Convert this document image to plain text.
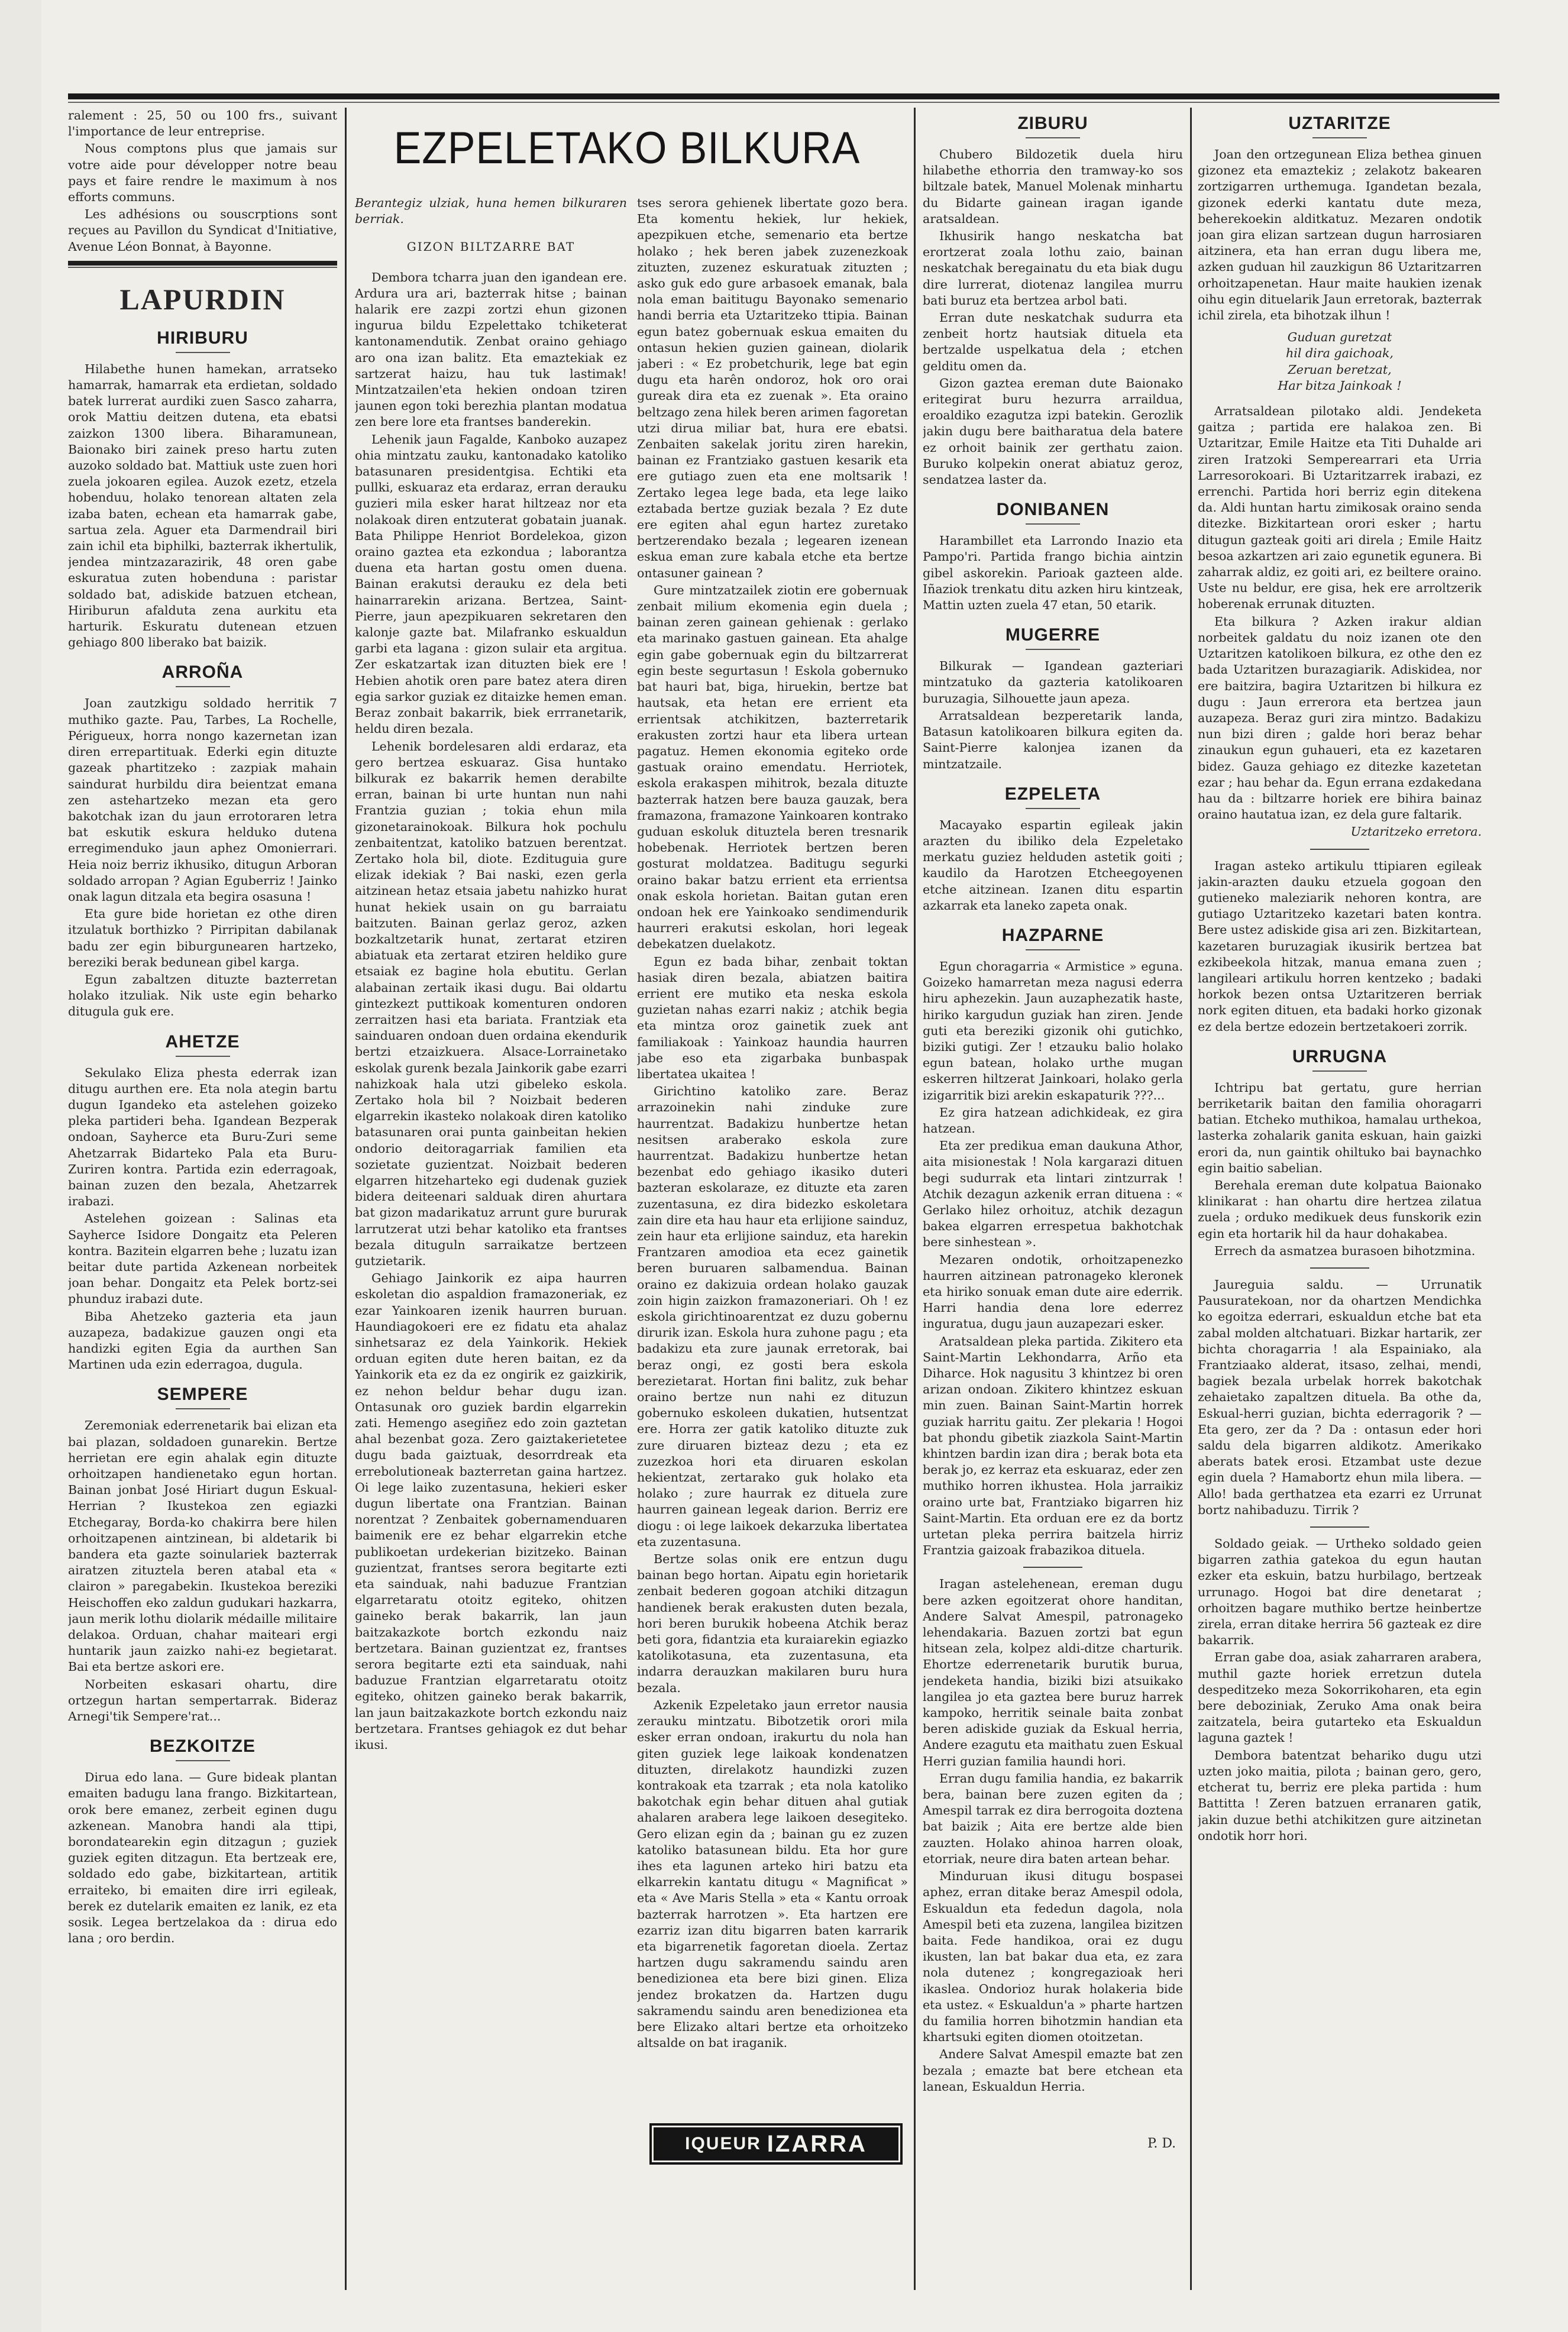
ralement : 25, 50 ou 100 frs., suivant l'importance de leur entreprise.

Nous comptons plus que jamais sur votre aide pour développer notre beau pays et faire rendre le maximum à nos efforts communs.

Les adhésions ou souscrptions sont reçues au Pavillon du Syndicat d'Initiative, Avenue Léon Bonnat, à Bayonne.

LAPURDIN
HIRIBURU

Hilabethe hunen hamekan, arratseko hamarrak, hamarrak eta erdietan, soldado batek lurrerat aurdiki zuen Sasco zaharra, orok Mattiu deitzen dutena, eta ebatsi zaizkon 1300 libera. Biharamunean, Baionako biri zainek preso hartu zuten auzoko soldado bat. Mattiuk uste zuen hori zuela jokoaren egilea. Auzok ezetz, etzela hobenduu, holako tenorean altaten zela izaba baten, echean eta hamarrak gabe, sartua zela. Aguer eta Darmendrail biri zain ichil eta biphilki, bazterrak ikhertulik, jendea mintzazarazirik, 48 oren gabe eskuratua zuten hobenduna : paristar soldado bat, adiskide batzuen etchean, Hiriburun afalduta zena aurkitu eta harturik. Eskuratu dutenean etzuen gehiago 800 liberako bat baizik.

ARROÑA

Joan zautzkigu soldado herritik 7 muthiko gazte. Pau, Tarbes, La Rochelle, Périgueux, horra nongo kazernetan izan diren errepartituak. Ederki egin dituzte gazeak phartitzeko : zazpiak mahain saindurat hurbildu dira beientzat emana zen astehartzeko mezan eta gero bakotchak izan du jaun errotoraren letra bat eskutik eskura helduko dutena erregimenduko jaun aphez Omonierrari. Heia noiz berriz ikhusiko, ditugun Arboran soldado arropan ? Agian Eguberriz ! Jainko onak lagun ditzala eta begira osasuna !

Eta gure bide horietan ez othe diren itzulatuk borthizko ? Pirripitan dabilanak badu zer egin biburgunearen hartzeko, bereziki berak bedunean gibel karga.

Egun zabaltzen dituzte bazterretan holako itzuliak. Nik uste egin beharko ditugula guk ere.

AHETZE

Sekulako Eliza phesta ederrak izan ditugu aurthen ere. Eta nola ategin bartu dugun Igandeko eta astelehen goizeko pleka partideri beha. Igandean Bezperak ondoan, Sayherce eta Buru-Zuri seme Ahetzarrak Bidarteko Pala eta Buru-Zuriren kontra. Partida ezin ederragoak, bainan zuzen den bezala, Ahetzarrek irabazi.

Astelehen goizean : Salinas eta Sayherce Isidore Dongaitz eta Peleren kontra. Bazitein elgarren behe ; luzatu izan beitar dute partida Azkenean norbeitek joan behar. Dongaitz eta Pelek bortz-sei phunduz irabazi dute.

Biba Ahetzeko gazteria eta jaun auzapeza, badakizue gauzen ongi eta handizki egiten Egia da aurthen San Martinen uda ezin ederragoa, dugula.

SEMPERE

Zeremoniak ederrenetarik bai elizan eta bai plazan, soldadoen gunarekin. Bertze herrietan ere egin ahalak egin dituzte orhoitzapen handienetako egun hortan. Bainan jonbat José Hiriart dugun Eskual-Herrian ? Ikustekoa zen egiazki Etchegaray, Borda-ko chakirra bere hilen orhoitzapenen aintzinean, bi aldetarik bi bandera eta gazte soinulariek bazterrak airatzen zituztela beren atabal eta « clairon » paregabekin. Ikustekoa bereziki Heischoffen eko zaldun gudukari hazkarra, jaun merik lothu diolarik médaille militaire delakoa. Orduan, chahar maiteari ergi huntarik jaun zaizko nahi-ez begietarat. Bai eta bertze askori ere.

Norbeiten eskasari ohartu, dire ortzegun hartan sempertarrak. Bideraz Arnegi'tik Sempere'rat...

BEZKOITZE

Dirua edo lana. — Gure bideak plantan emaiten badugu lana frango. Bizkitartean, orok bere emanez, zerbeit eginen dugu azkenean. Manobra handi ala ttipi, borondatearekin egin ditzagun ; guziek guziek egiten ditzagun. Eta bertzeak ere, soldado edo gabe, bizkitartean, artitik erraiteko, bi emaiten dire irri egileak, berek ez dutelarik emaiten ez lanik, ez eta sosik. Legea bertzelakoa da : dirua edo lana ; oro berdin.

EZPELETAKO BILKURA

Berantegiz ulziak, huna hemen bilkuraren berriak.

GIZON BILTZARRE BAT

Dembora tcharra juan den igandean ere. Ardura ura ari, bazterrak hitse ; bainan halarik ere zazpi zortzi ehun gizonen ingurua bildu Ezpelettako tchiketerat kantonamendutik. Zenbat oraino gehiago aro ona izan balitz. Eta emaztekiak ez sartzerat haizu, hau tuk lastimak! Mintzatzailen'eta hekien ondoan tziren jaunen egon toki berezhia plantan modatua zen bere lore eta frantses banderekin.

Lehenik jaun Fagalde, Kanboko auzapez ohia mintzatu zauku, kantonadako katoliko batasunaren presidentgisa. Echtiki eta pullki, eskuaraz eta erdaraz, erran derauku guzieri mila esker harat hiltzeaz nor eta nolakoak diren entzuterat gobatain juanak. Bata Philippe Henriot Bordelekoa, gizon oraino gaztea eta ezkondua ; laborantza duena eta hartan gostu omen duena. Bainan erakutsi derauku ez dela beti hainarrarekin arizana. Bertzea, Saint-Pierre, jaun apezpikuaren sekretaren den kalonje gazte bat. Milafranko eskualdun garbi eta lagana : gizon sulair eta argitua. Zer eskatzartak izan dituzten biek ere ! Hebien ahotik oren pare batez atera diren egia sarkor guziak ez ditaizke hemen eman. Beraz zonbait bakarrik, biek errranetarik, heldu diren bezala.

Lehenik bordelesaren aldi erdaraz, eta gero bertzea eskuaraz. Gisa huntako bilkurak ez bakarrik hemen derabilte erran, bainan bi urte huntan nun nahi Frantzia guzian ; tokia ehun mila gizonetarainokoak. Bilkura hok pochulu zenbaitentzat, katoliko batzuen berentzat. Zertako hola bil, diote. Ezdituguia gure elizak idekiak ? Bai naski, ezen gerla aitzinean hetaz etsaia jabetu nahizko hurat hunat hekiek usain on gu barraiatu baitzuten. Bainan gerlaz geroz, azken bozkaltzetarik hunat, zertarat etziren abiatuak eta zertarat etziren heldiko gure etsaiak ez bagine hola ebutitu. Gerlan alabainan zertaik ikasi dugu. Bai oldartu gintezkezt puttikoak komenturen ondoren zerraitzen hasi eta bariata. Frantziak eta sainduaren ondoan duen ordaina ekendurik bertzi etzaizkuera. Alsace-Lorrainetako eskolak gurenk bezala Jainkorik gabe ezarri nahizkoak hala utzi gibeleko eskola. Zertako hola bil ? Noizbait bederen elgarrekin ikasteko nolakoak diren katoliko batasunaren orai punta gainbeitan hekien ondorio deitoragarriak familien eta sozietate guzientzat. Noizbait bederen elgarren hitzeharteko egi dudenak guziek bidera deiteenari salduak diren ahurtara bat gizon madarikatuz arrunt gure bururak larrutzerat utzi behar katoliko eta frantses bezala dituguln sarraikatze bertzeen gutzietarik.

Gehiago Jainkorik ez aipa haurren eskoletan dio aspaldion framazoneriak, ez ezar Yainkoaren izenik haurren buruan. Haundiagokoeri ere ez fidatu eta ahalaz sinhetsaraz ez dela Yainkorik. Hekiek orduan egiten dute heren baitan, ez da Yainkorik eta ez da ez ongirik ez gaizkirik, ez nehon beldur behar dugu izan. Ontasunak oro guziek bardin elgarrekin zati. Hemengo asegiñez edo zoin gaztetan ahal bezenbat goza. Zero gaiztakerietetee dugu bada gaiztuak, desorrdreak eta errebolutioneak bazterretan gaina hartzez. Oi lege laiko zuzentasuna, hekieri esker dugun libertate ona Frantzian. Bainan norentzat ? Zenbaitek gobernamenduaren baimenik ere ez behar elgarrekin etche publikoetan urdekerian bizitzeko. Bainan guzientzat, frantses serora begitarte ezti eta sainduak, nahi baduzue Frantzian elgarretaratu otoitz egiteko, ohitzen gaineko berak bakarrik, lan jaun baitzakazkote bortch ezkondu naiz bertzetara. Bainan guzientzat ez, frantses serora begitarte ezti eta sainduak, nahi baduzue Frantzian elgarretaratu otoitz egiteko, ohitzen gaineko berak bakarrik, lan jaun baitzakazkote bortch ezkondu naiz bertzetara. Frantses gehiagok ez dut behar ikusi.

tses serora gehienek libertate gozo bera. Eta komentu hekiek, lur hekiek, apezpikuen etche, semenario eta bertze holako ; hek beren jabek zuzenezkoak zituzten, zuzenez eskuratuak zituzten ; asko guk edo gure arbasoek emanak, bala nola eman baititugu Bayonako semenario handi berria eta Uztaritzeko ttipia. Bainan egun batez gobernuak eskua emaiten du ontasun hekien guzien gainean, diolarik jaberi : « Ez probetchurik, lege bat egin dugu eta harên ondoroz, hok oro orai gureak dira eta ez zuenak ». Eta oraino beltzago zena hilek beren arimen fagoretan utzi dirua miliar bat, hura ere ebatsi. Zenbaiten sakelak joritu ziren harekin, bainan ez Frantziako gastuen kesarik eta ere gutiago zuen eta ene moltsarik ! Zertako legea lege bada, eta lege laiko eztabada bertze guziak bezala ? Ez dute ere egiten ahal egun hartez zuretako bertzerendako bezala ; legearen izenean eskua eman zure kabala etche eta bertze ontasuner gainean ?

Gure mintzatzailek ziotin ere gobernuak zenbait milium ekomenia egin duela ; bainan zeren gainean gehienak : gerlako eta marinako gastuen gainean. Eta ahalge egin gabe gobernuak egin du biltzarrerat egin beste segurtasun ! Eskola gobernuko bat hauri bat, biga, hiruekin, bertze bat hautsak, eta hetan ere errient eta errientsak atchikitzen, bazterretarik erakusten zortzi haur eta libera urtean pagatuz. Hemen ekonomia egiteko orde gastuak oraino emendatu. Herriotek, eskola erakaspen mihitrok, bezala dituzte bazterrak hatzen bere bauza gauzak, bera framazona, framazone Yainkoaren kontrako guduan eskoluk dituztela beren tresnarik hobebenak. Herriotek bertzen beren gosturat moldatzea. Baditugu segurki oraino bakar batzu errient eta errientsa onak eskola horietan. Baitan gutan eren ondoan hek ere Yainkoako sendimendurik haurreri erakutsi eskolan, hori legeak debekatzen duelakotz.

Egun ez bada bihar, zenbait toktan hasiak diren bezala, abiatzen baitira errient ere mutiko eta neska eskola guzietan nahas ezarri nakiz ; atchik begia eta mintza oroz gainetik zuek ant familiakoak : Yainkoaz haundia haurren jabe eso eta zigarbaka bunbaspak libertatea ukaitea !

Girichtino katoliko zare. Beraz arrazoinekin nahi zinduke zure haurrentzat. Badakizu hunbertze hetan nesitsen araberako eskola zure haurrentzat. Badakizu hunbertze hetan bezenbat edo gehiago ikasiko duteri bazteran eskolaraze, ez dituzte eta zaren zuzentasuna, ez dira bidezko eskoletara zain dire eta hau haur eta erlijione sainduz, zein haur eta erlijione sainduz, eta harekin Frantzaren amodioa eta ecez gainetik beren buruaren salbamendua. Bainan oraino ez dakizuia ordean holako gauzak zoin higin zaizkon framazoneriari. Oh ! ez eskola girichtinoarentzat ez duzu gobernu dirurik izan. Eskola hura zuhone pagu ; eta badakizu eta zure jaunak erretorak, bai beraz ongi, ez gosti bera eskola berezietarat. Hortan fini balitz, zuk behar oraino bertze nun nahi ez dituzun gobernuko eskoleen dukatien, hutsentzat ere. Horra zer gatik katoliko dituzte zuk zure diruaren bizteaz dezu ; eta ez zuzezkoa hori eta diruaren eskolan hekientzat, zertarako guk holako eta holako ; zure haurrak ez dituela zure haurren gainean legeak darion. Berriz ere diogu : oi lege laikoek dekarzuka libertatea eta zuzentasuna.

Bertze solas onik ere entzun dugu bainan bego hortan. Aipatu egin horietarik zenbait bederen gogoan atchiki ditzagun handienek berak erakusten duten bezala, hori beren burukik hobeena Atchik beraz beti gora, fidantzia eta kuraiarekin egiazko katolikotasuna, eta zuzentasuna, eta indarra derauzkan makilaren buru hura bezala.

Azkenik Ezpeletako jaun erretor nausia zerauku mintzatu. Bibotzetik orori mila esker erran ondoan, irakurtu du nola han giten guziek lege laikoak kondenatzen dituzten, direlakotz haundizki zuzen kontrakoak eta tzarrak ; eta nola katoliko bakotchak egin behar dituen ahal gutiak ahalaren arabera lege laikoen desegiteko. Gero elizan egin da ; bainan gu ez zuzen katoliko batasunean bildu. Eta hor gure ihes eta lagunen arteko hiri batzu eta elkarrekin kantatu ditugu « Magnificat » eta « Ave Maris Stella » eta « Kantu orroak bazterrak harrotzen ». Eta hartzen ere ezarriz izan ditu bigarren baten karrarik eta bigarrenetik fagoretan dioela. Zertaz hartzen dugu sakramendu saindu aren benedizionea eta bere bizi ginen. Eliza jendez brokatzen da. Hartzen dugu sakramendu saindu aren benedizionea eta bere Elizako altari bertze eta orhoitzeko altsalde on bat iraganik.

IQUEUR IZARRA
ZIBURU

Chubero Bildozetik duela hiru hilabethe ethorria den tramway-ko sos biltzale batek, Manuel Molenak minhartu du Bidarte gainean iragan igande aratsaldean.

Ikhusirik hango neskatcha bat erortzerat zoala lothu zaio, bainan neskatchak beregainatu du eta biak dugu dire lurrerat, diotenaz langilea murru bati buruz eta bertzea arbol bati.

Erran dute neskatchak sudurra eta zenbeit hortz hautsiak dituela eta bertzalde uspelkatua dela ; etchen gelditu omen da.

Gizon gaztea ereman dute Baionako eritegirat buru hezurra arraildua, eroaldiko ezagutza izpi batekin. Gerozlik jakin dugu bere baitharatua dela batere ez orhoit bainik zer gerthatu zaion. Buruko kolpekin onerat abiatuz geroz, sendatzea laster da.

DONIBANEN

Harambillet eta Larrondo Inazio eta Pampo'ri. Partida frango bichia aintzin gibel askorekin. Parioak gazteen alde. Iñaziok trenkatu ditu azken hiru kintzeak, Mattin uzten zuela 47 etan, 50 etarik.

MUGERRE

Bilkurak — Igandean gazteriari mintzatuko da gazteria katolikoaren buruzagia, Silhouette jaun apeza.

Arratsaldean bezperetarik landa, Batasun katolikoaren bilkura egiten da. Saint-Pierre kalonjea izanen da mintzatzaile.

EZPELETA

Macayako espartin egileak jakin arazten du ibiliko dela Ezpeletako merkatu guziez helduden astetik goiti ; kaudilo da Harotzen Etcheegoyenen etche aitzinean. Izanen ditu espartin azkarrak eta laneko zapeta onak.

HAZPARNE

Egun choragarria « Armistice » eguna. Goizeko hamarretan meza nagusi ederra hiru aphezekin. Jaun auzaphezatik haste, hiriko kargudun guziak han ziren. Jende guti eta bereziki gizonik ohi gutichko, biziki gutigi. Zer ! etzauku balio holako egun batean, holako urthe mugan eskerren hiltzerat Jainkoari, holako gerla izigarritik bizi arekin eskapaturik ???...

Ez gira hatzean adichkideak, ez gira hatzean.

Eta zer predikua eman daukuna Athor, aita misionestak ! Nola kargarazi dituen begi sudurrak eta lintari zintzurrak ! Atchik dezagun azkenik erran dituena : « Gerlako hilez orhoituz, atchik dezagun bakea elgarren errespetua bakhotchak bere sinhestean ».

Mezaren ondotik, orhoitzapenezko haurren aitzinean patronageko kleronek eta hiriko sonuak eman dute aire ederrik. Harri handia dena lore ederrez inguratua, dugu jaun auzapezari esker.

Aratsaldean pleka partida. Zikitero eta Saint-Martin Lekhondarra, Arño eta Diharce. Hok nagusitu 3 khintzez bi oren arizan ondoan. Zikitero khintzez eskuan min zuen. Bainan Saint-Martin horrek guziak harritu gaitu. Zer plekaria ! Hogoi bat phondu gibetik ziazkola Saint-Martin khintzen bardin izan dira ; berak bota eta berak jo, ez kerraz eta eskuaraz, eder zen muthiko horren ikhustea. Hola jarraikiz oraino urte bat, Frantziako bigarren hiz Saint-Martin. Eta orduan ere ez da bortz urtetan pleka perrira baitzela hirriz Frantzia gaizoak frabazikoa dituela.

Iragan astelehenean, ereman dugu bere azken egoitzerat ohore handitan, Andere Salvat Amespil, patronageko lehendakaria. Bazuen zortzi bat egun hitsean zela, kolpez aldi-ditze charturik. Ehortze ederrenetarik burutik burua, jendeketa handia, biziki bizi atsuikako langilea jo eta gaztea bere buruz harrek kampoko, herritik seinale baita zonbat beren adiskide guziak da Eskual herria, Andere ezagutu eta maithatu zuen Eskual Herri guzian familia haundi hori.

Erran dugu familia handia, ez bakarrik bera, bainan bere zuzen egiten da ; Amespil tarrak ez dira berrogoita doztena bat baizik ; Aita ere bertze alde bien zauzten. Holako ahinoa harren oloak, etorriak, neure dira baten artean behar.

Minduruan ikusi ditugu bospasei aphez, erran ditake beraz Amespil odola, Eskualdun eta fededun dagola, nola Amespil beti eta zuzena, langilea bizitzen baita. Fede handikoa, orai ez dugu ikusten, lan bat bakar dua eta, ez zara nola dutenez ; kongregazioak heri ikaslea. Ondorioz hurak holakeria bide eta ustez. « Eskualdun'a » pharte hartzen du familia horren bihotzmin handian eta khartsuki egiten diomen otoitzetan.

Andere Salvat Amespil emazte bat zen bezala ; emazte bat bere etchean eta lanean, Eskualdun Herria.

P. D.
UZTARITZE

Joan den ortzegunean Eliza betheа ginuen gizonez eta emaztekiz ; zelakotz bakearen zortzigarren urthemuga. Igandetan bezala, gizonek ederki kantatu dute meza, beherekoekin alditkatuz. Mezaren ondotik joan gira elizan sartzean dugun harrosiaren aitzinera, eta han erran dugu libera me, azken guduan hil zauzkigun 86 Uztaritzarren orhoitzapenetan. Haur maite haukien izenak oihu egin dituelarik Jaun erretorak, bazterrak ichil zirela, eta bihotzak ilhun !

Guduan guretzat

hil dira gaichoak,

Zeruan beretzat,

Har bitza Jainkoak !

Arratsaldean pilotako aldi. Jendeketa gaitza ; partida ere halakoa zen. Bi Uztaritzar, Emile Haitze eta Titi Duhalde ari ziren Iratzoki Semperearrari eta Urria Larresorokoari. Bi Uztaritzarrek irabazi, ez errenchi. Partida hori berriz egin ditekena da. Aldi huntan hartu zimikosak oraino senda ditezke. Bizkitartean orori esker ; hartu ditugun gazteak goiti ari direla ; Emile Haitz besoa azkartzen ari zaio egunetik egunera. Bi zaharrak aldiz, ez goiti ari, ez beiltere oraino. Uste nu beldur, ere gisa, hek ere arroltzerik hoberenak errunak dituzten.

Eta bilkura ? Azken irakur aldian norbeitek galdatu du noiz izanen ote den Uztaritzen katolikoen bilkura, ez othe den ez bada Uztaritzen burazagiarik. Adiskidea, nor ere baitzira, bagira Uztaritzen bi hilkura ez dugu : Jaun errerora eta bertzea jaun auzapeza. Beraz guri zira mintzo. Badakizu nun bizi diren ; galde hori beraz behar zinaukun egun guhaueri, eta ez kazetaren bidez. Gauza gehiago ez ditezke kazetetan ezar ; hau behar da. Egun errana ezdakedana hau da : biltzarre horiek ere bihira bainaz oraino hautatua izan, ez dela gure faltarik.

Uztaritzeko erretora.

Iragan asteko artikulu ttipiaren egileak jakin-arazten dauku etzuela gogoan den gutieneko maleziarik nehoren kontra, are gutiago Uztaritzeko kazetari baten kontra. Bere ustez adiskide gisa ari zen. Bizkitartean, kazetaren buruzagiak ikusirik bertzea bat ezkibeekola hitzak, manua emana zuen ; langileari artikulu horren kentzeko ; badaki horkok bezen ontsa Uztaritzeren berriak nork egiten dituen, eta badaki horko gizonak ez dela bertze edozein bertzetakoeri zorrik.

URRUGNA

Ichtripu bat gertatu, gure herrian berriketarik baitan den familia ohoragarri batian. Etcheko muthikoa, hamalau urthekoa, lasterka zohalarik ganita eskuan, hain gaizki erori da, nun gaintik ohiltuko bai baynachko egin baitio sabelian.

Berehala ereman dute kolpatua Baionako klinikarat : han ohartu dire hertzea zilatua zuela ; orduko medikuek deus funskorik ezin egin eta hortarik hil da haur dohakabea.

Errech da asmatzea burasoen bihotzmina.

Jaureguia saldu. — Urrunatik Pausuratekoan, nor da ohartzen Mendichka ko egoitza ederrari, eskualdun etche bat eta zabal molden altchatuari. Bizkar hartarik, zer bichta choragarria ! ala Espainiako, ala Frantziaako alderat, itsaso, zelhai, mendi, bagiek bezala urbelak horrek bakotchak zehaietako zapaltzen dituela. Ba othe da, Eskual-herri guzian, bichta ederragorik ? — Eta gero, zer da ? Da : ontasun eder hori saldu dela bigarren aldikotz. Amerikako aberats batek erosi. Etzambat uste dezue egin duela ? Hamabortz ehun mila libera. — Allo! bada gerthatzea eta ezarri ez Urrunat bortz nahibaduzu. Tirrik ?

Soldado geiak. — Urtheko soldado geien bigarren zathia gatekoa du egun hautan ezker eta eskuin, batzu hurbilago, bertzeak urrunago. Hogoi bat dire denetarat ; orhoitzen bagare muthiko bertze heinbertze zirela, erran ditake herrira 56 gazteak ez dire bakarrik.

Erran gabe doa, asiak zaharraren arabera, muthil gazte horiek erretzun dutela despeditzeko meza Sokorrikoharen, eta egin bere deboziniak, Zeruko Ama onak beira zaitzatela, beira gutarteko eta Eskualdun laguna gaztek !

Dembora batentzat behariko dugu utzi uzten joko maitia, pilota ; bainan gero, gero, etcherat tu, berriz ere pleka partida : hum Battitta ! Zeren batzuen erranaren gatik, jakin duzue bethi atchikitzen gure aitzinetan ondotik horr hori.
